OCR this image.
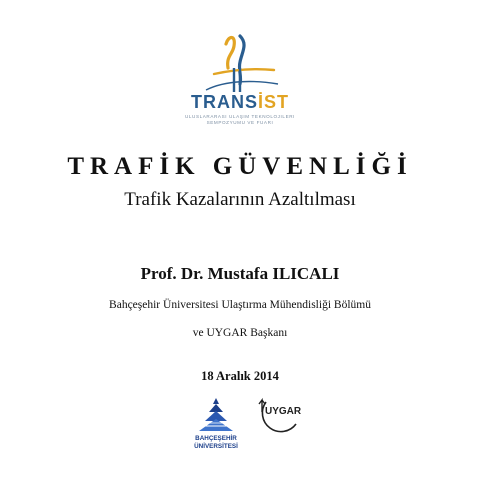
TRANSİST
ULUSLARARASI ULAŞIM TEKNOLOJILERI
SEMPOZYUMU VE FUARI
TRAFİK GÜVENLİĞİ
Trafik Kazalarının Azaltılması
Prof. Dr. Mustafa ILICALI
Bahçeşehir Üniversitesi Ulaştırma Mühendisliği Bölümü
ve UYGAR Başkanı
18 Aralık 2014
BAHÇEŞEHİR
ÜNİVERSİTESİ
UYGAR
